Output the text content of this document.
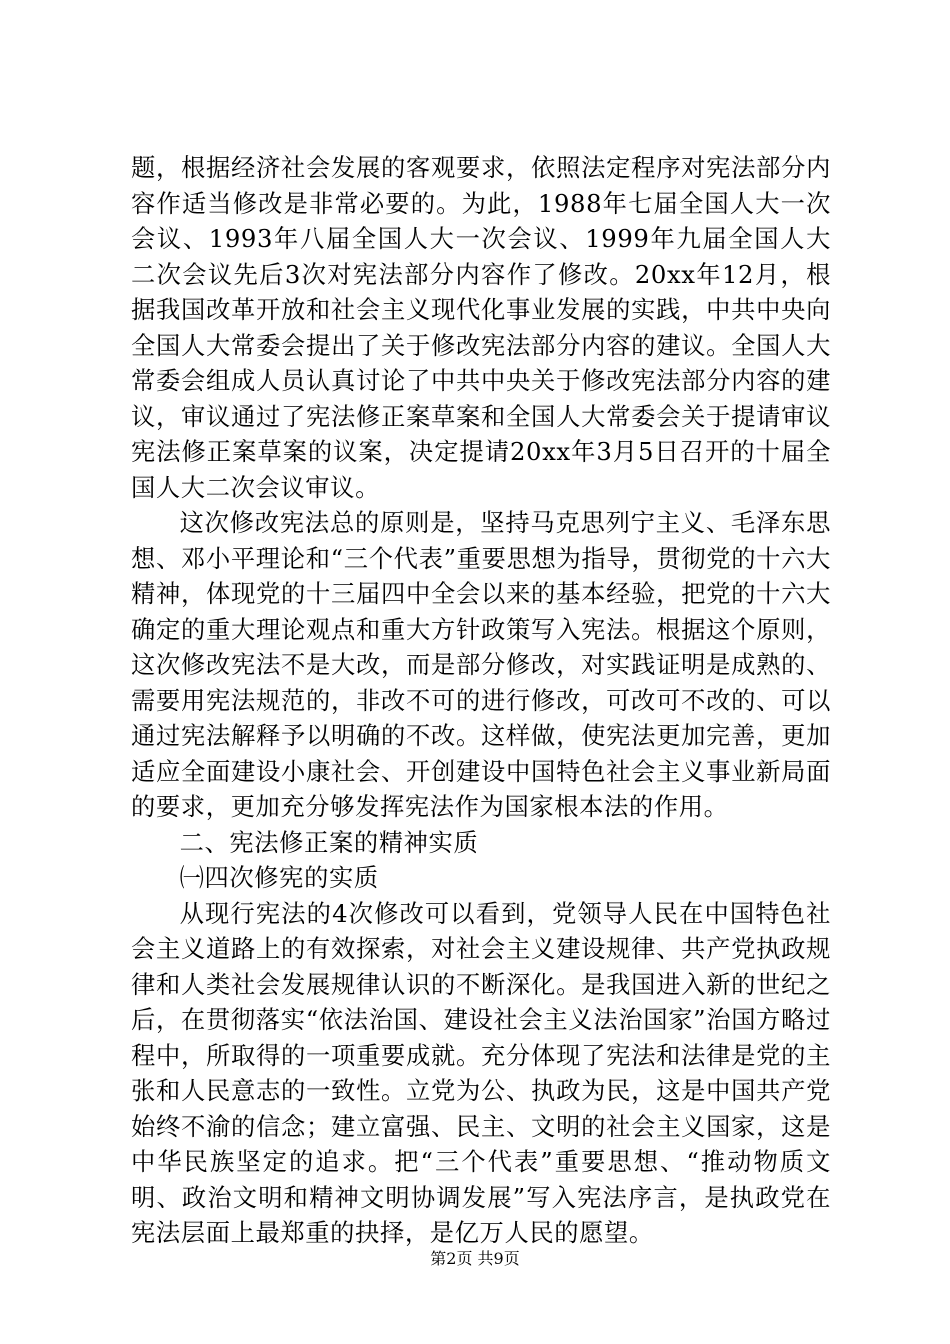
题，根据经济社会发展的客观要求，依照法定程序对宪法部分内容作适当修改是非常必要的。为此，1988年七届全国人大一次会议、1993年八届全国人大一次会议、1999年九届全国人大二次会议先后3次对宪法部分内容作了修改。20xx年12月，根据我国改革开放和社会主义现代化事业发展的实践，中共中央向全国人大常委会提出了关于修改宪法部分内容的建议。全国人大常委会组成人员认真讨论了中共中央关于修改宪法部分内容的建议，审议通过了宪法修正案草案和全国人大常委会关于提请审议宪法修正案草案的议案，决定提请20xx年3月5日召开的十届全国人大二次会议审议。

这次修改宪法总的原则是，坚持马克思列宁主义、毛泽东思想、邓小平理论和“三个代表”重要思想为指导，贯彻党的十六大精神，体现党的十三届四中全会以来的基本经验，把党的十六大确定的重大理论观点和重大方针政策写入宪法。根据这个原则，这次修改宪法不是大改，而是部分修改，对实践证明是成熟的、需要用宪法规范的，非改不可的进行修改，可改可不改的、可以通过宪法解释予以明确的不改。这样做，使宪法更加完善，更加适应全面建设小康社会、开创建设中国特色社会主义事业新局面的要求，更加充分够发挥宪法作为国家根本法的作用。

二、宪法修正案的精神实质

㈠四次修宪的实质

从现行宪法的4次修改可以看到，党领导人民在中国特色社会主义道路上的有效探索，对社会主义建设规律、共产党执政规律和人类社会发展规律认识的不断深化。是我国进入新的世纪之后，在贯彻落实“依法治国、建设社会主义法治国家”治国方略过程中，所取得的一项重要成就。充分体现了宪法和法律是党的主张和人民意志的一致性。立党为公、执政为民，这是中国共产党始终不渝的信念；建立富强、民主、文明的社会主义国家，这是中华民族坚定的追求。把“三个代表”重要思想、“推动物质文明、政治文明和精神文明协调发展”写入宪法序言，是执政党在宪法层面上最郑重的抉择，是亿万人民的愿望。

第2页 共9页
